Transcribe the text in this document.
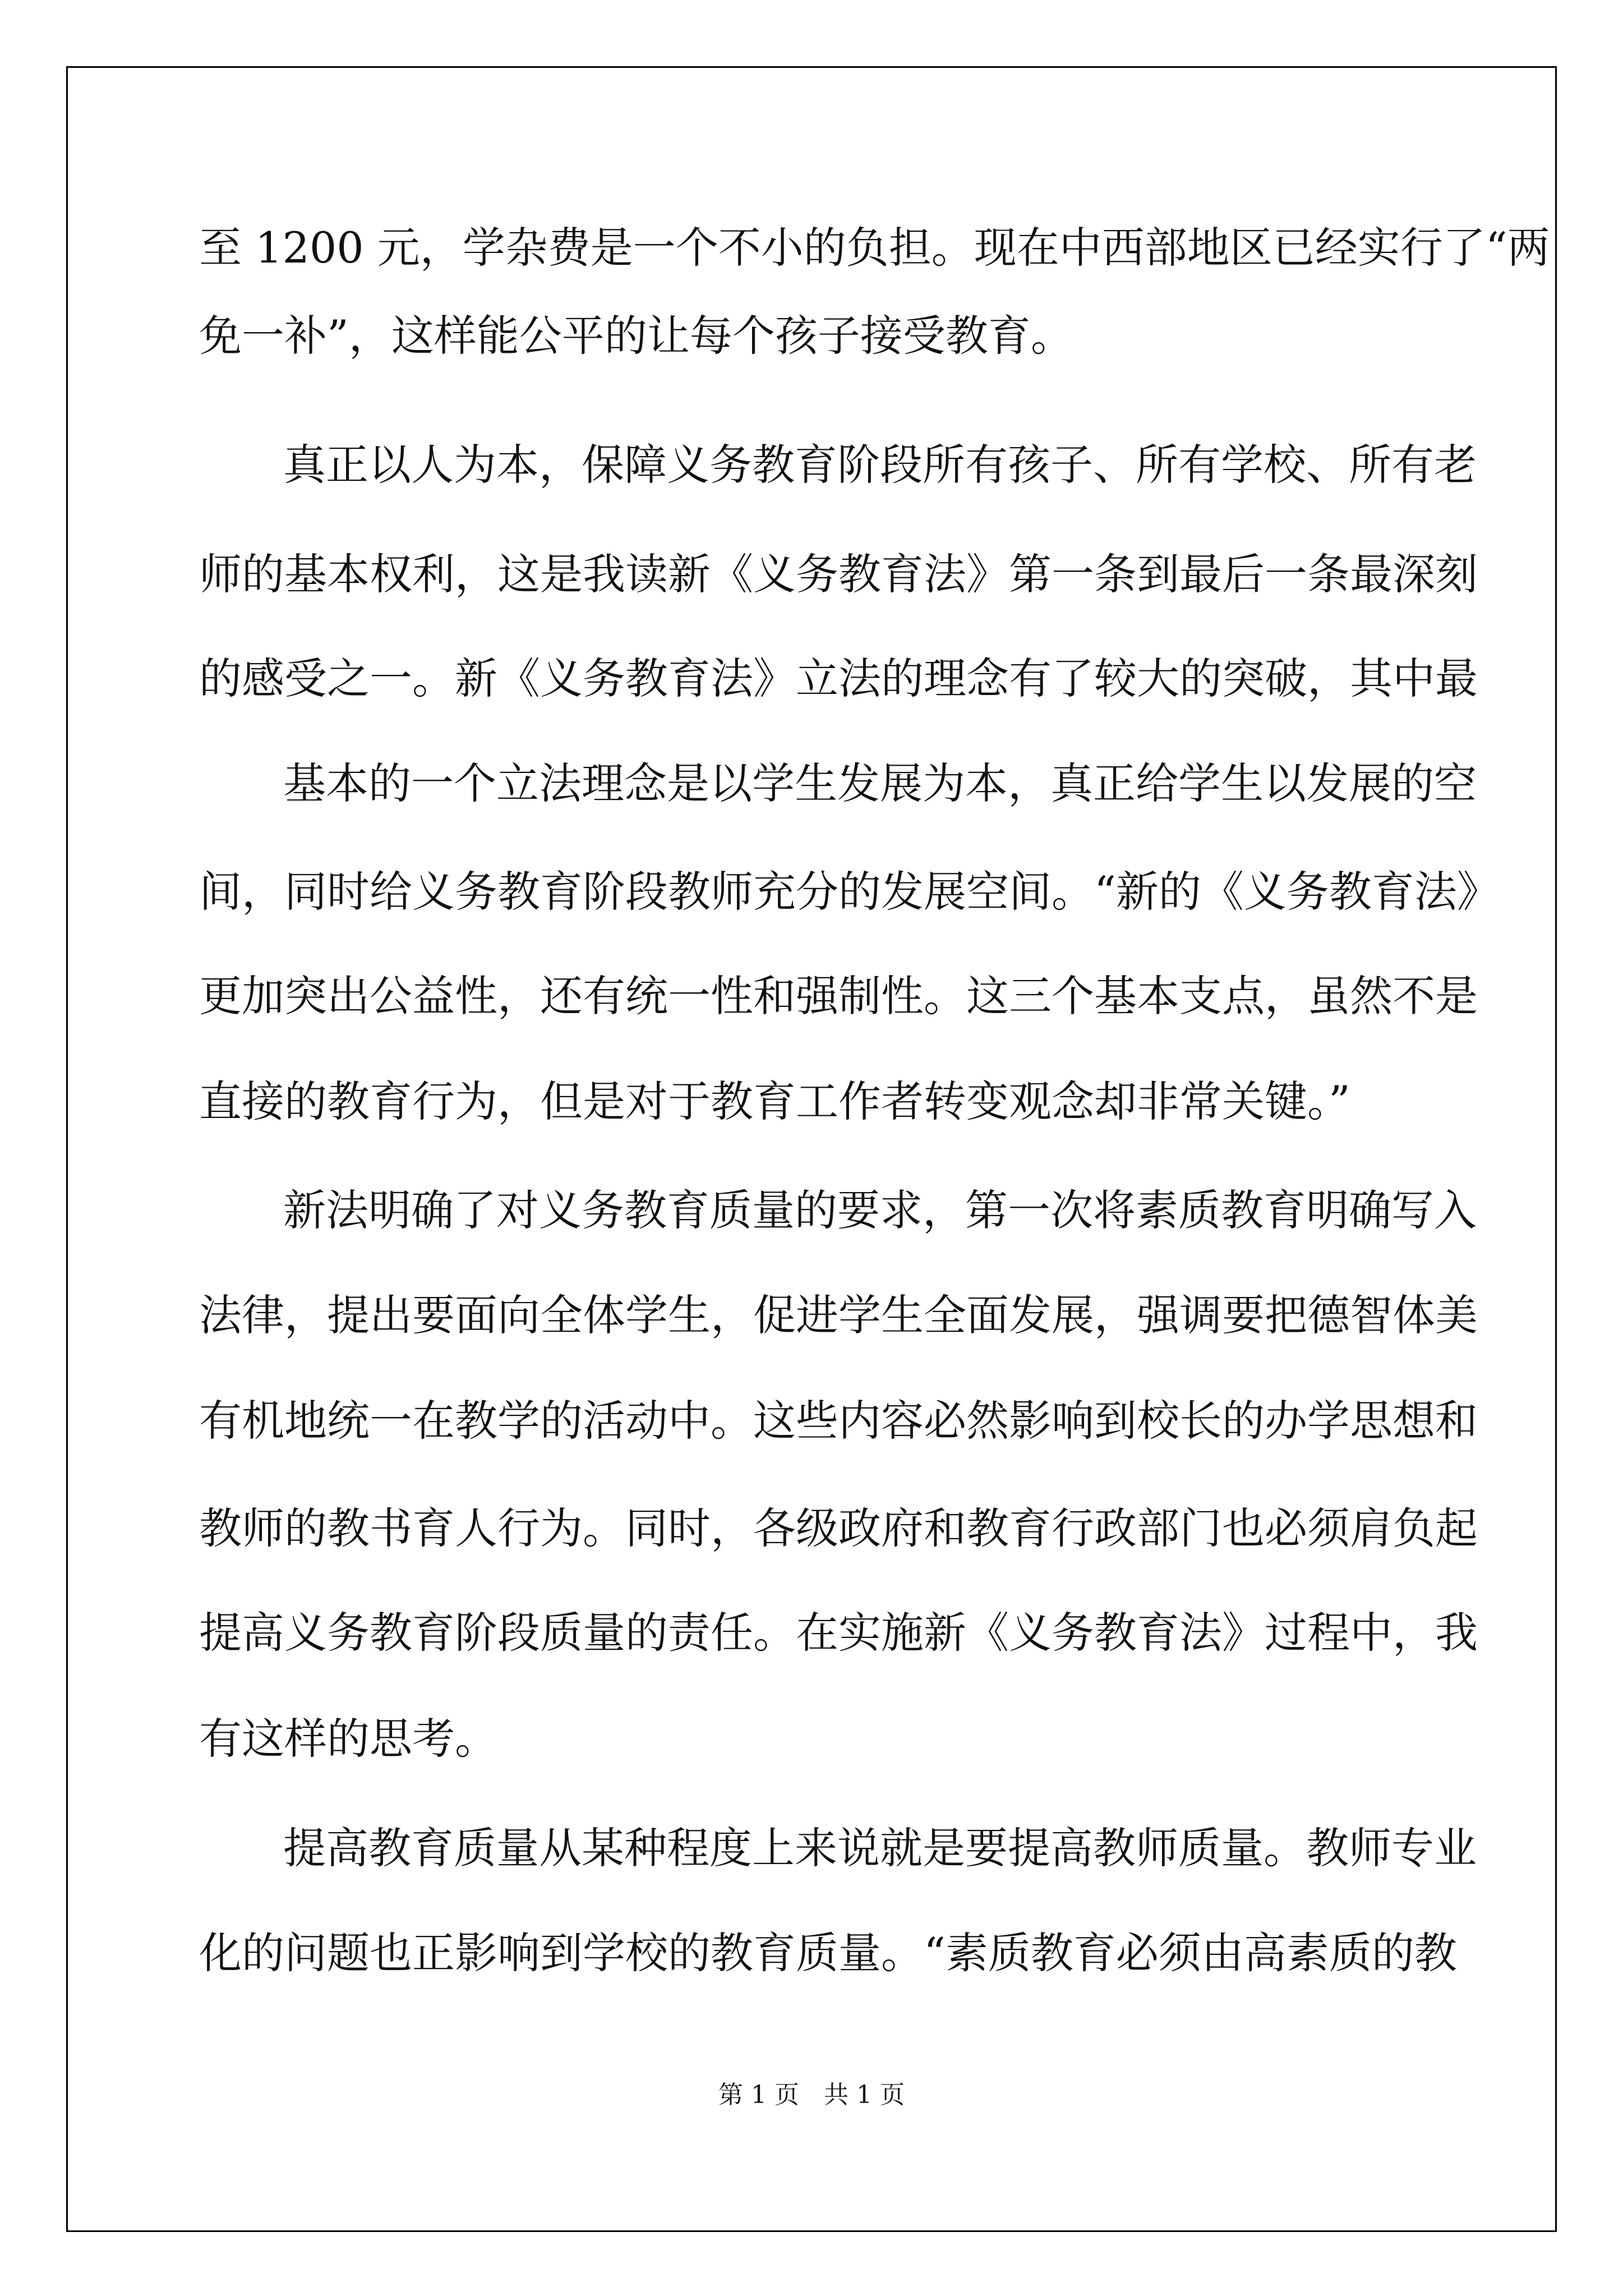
至 1200 元，学杂费是一个不小的负担。现在中西部地区已经实行了“两
免一补”，这样能公平的让每个孩子接受教育。
真正以人为本，保障义务教育阶段所有孩子、所有学校、所有老
师的基本权利，这是我读新《义务教育法》第一条到最后一条最深刻
的感受之一。新《义务教育法》立法的理念有了较大的突破，其中最
基本的一个立法理念是以学生发展为本，真正给学生以发展的空
间，同时给义务教育阶段教师充分的发展空间。“新的《义务教育法》
更加突出公益性，还有统一性和强制性。这三个基本支点，虽然不是
直接的教育行为，但是对于教育工作者转变观念却非常关键。”
新法明确了对义务教育质量的要求，第一次将素质教育明确写入
法律，提出要面向全体学生，促进学生全面发展，强调要把德智体美
有机地统一在教学的活动中。这些内容必然影响到校长的办学思想和
教师的教书育人行为。同时，各级政府和教育行政部门也必须肩负起
提高义务教育阶段质量的责任。在实施新《义务教育法》过程中，我
有这样的思考。
提高教育质量从某种程度上来说就是要提高教师质量。教师专业
化的问题也正影响到学校的教育质量。“素质教育必须由高素质的教
第 1 页　共 1 页
